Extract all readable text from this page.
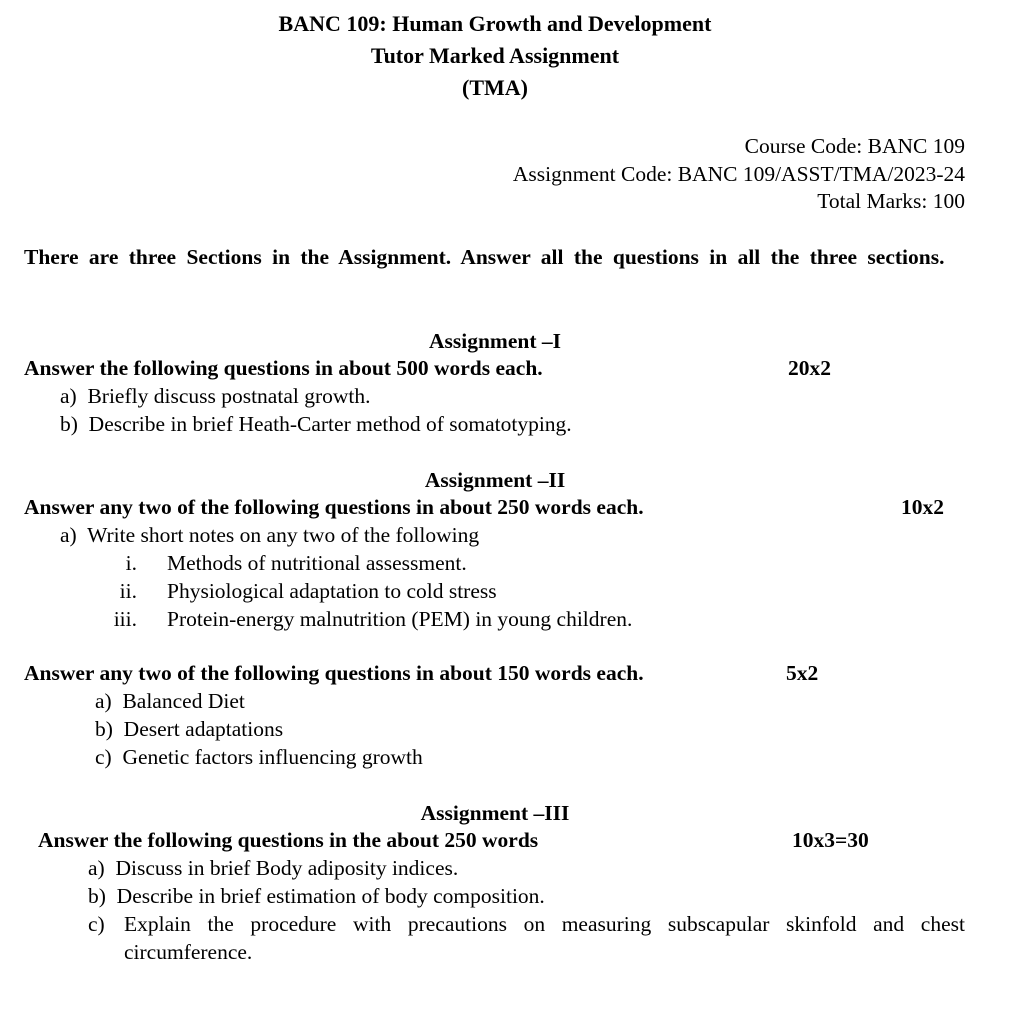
BANC 109: Human Growth and Development
Tutor Marked Assignment
(TMA)
Course Code: BANC 109
Assignment Code: BANC 109/ASST/TMA/2023-24
Total Marks: 100
There are three Sections in the Assignment. Answer all the questions in all the three sections.
Assignment –I
Answer the following questions in about 500 words each.	20x2
a) Briefly discuss postnatal growth.
b) Describe in brief Heath-Carter method of somatotyping.
Assignment –II
Answer any two of the following questions in about 250 words each.	10x2
a) Write short notes on any two of the following
i. Methods of nutritional assessment.
ii. Physiological adaptation to cold stress
iii. Protein-energy malnutrition (PEM) in young children.
Answer any two of the following questions in about 150 words each.	5x2
a) Balanced Diet
b) Desert adaptations
c) Genetic factors influencing growth
Assignment –III
Answer the following questions in the about 250 words	10x3=30
a) Discuss in brief Body adiposity indices.
b) Describe in brief estimation of body composition.
c) Explain the procedure with precautions on measuring subscapular skinfold and chest circumference.
